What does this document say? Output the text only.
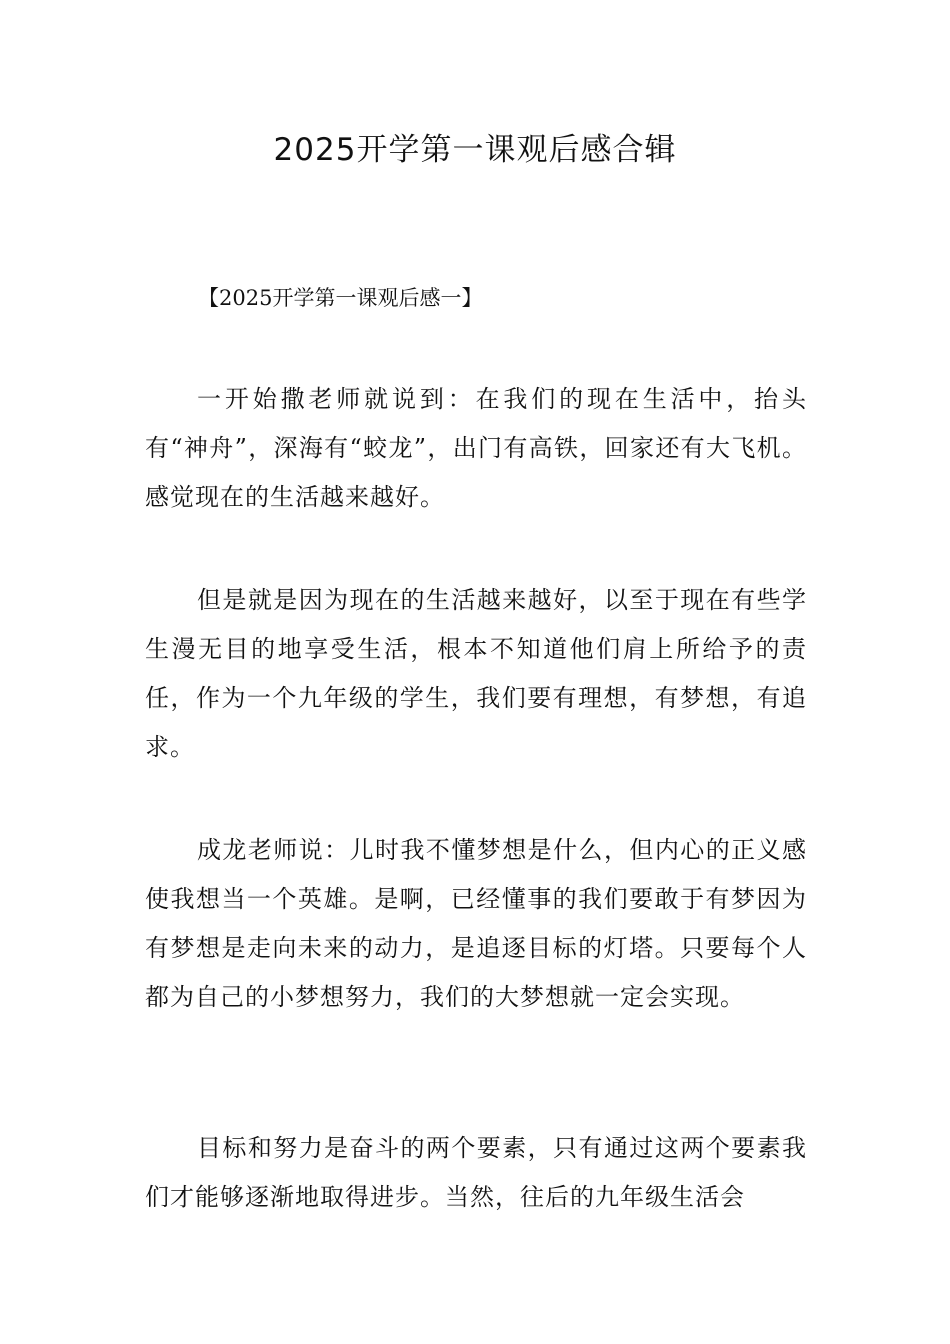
2025开学第一课观后感合辑

【2025开学第一课观后感一】

一开始撒老师就说到：在我们的现在生活中，抬头有“神舟”，深海有“蛟龙”，出门有高铁，回家还有大飞机。感觉现在的生活越来越好。

但是就是因为现在的生活越来越好，以至于现在有些学生漫无目的地享受生活，根本不知道他们肩上所给予的责任，作为一个九年级的学生，我们要有理想，有梦想，有追求。

成龙老师说：儿时我不懂梦想是什么，但内心的正义感使我想当一个英雄。是啊，已经懂事的我们要敢于有梦因为有梦想是走向未来的动力，是追逐目标的灯塔。只要每个人都为自己的小梦想努力，我们的大梦想就一定会实现。

目标和努力是奋斗的两个要素，只有通过这两个要素我们才能够逐渐地取得进步。当然，往后的九年级生活会
